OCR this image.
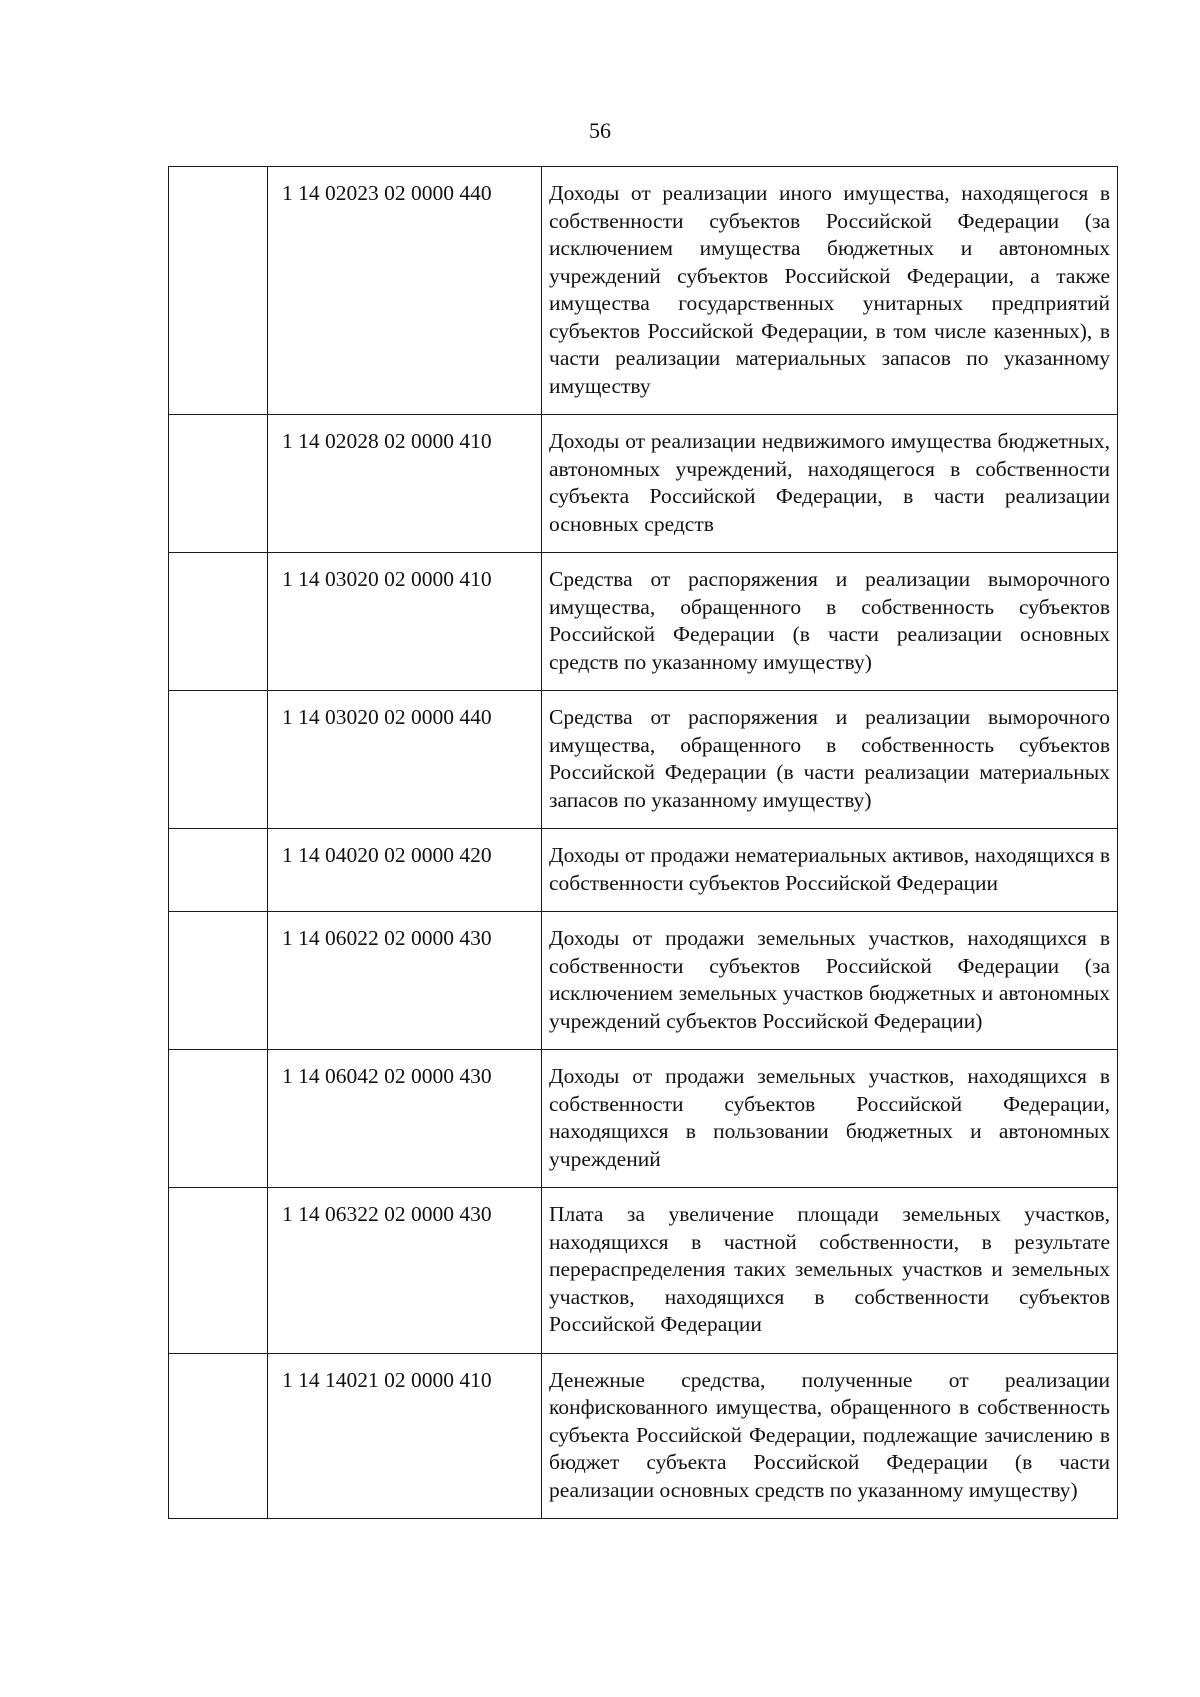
56
	1 14 02023 02 0000 440	Доходы от реализации иного имущества, находящегося в собственности субъектов Российской Федерации (за исключением имущества бюджетных и автономных учреждений субъектов Российской Федерации, а также имущества государственных унитарных предприятий субъектов Российской Федерации, в том числе казенных), в части реализации материальных запасов по указанному имуществу
	1 14 02028 02 0000 410	Доходы от реализации недвижимого имущества бюджетных, автономных учреждений, находящегося в собственности субъекта Российской Федерации, в части реализации основных средств
	1 14 03020 02 0000 410	Средства от распоряжения и реализации выморочного имущества, обращенного в собственность субъектов Российской Федерации (в части реализации основных средств по указанному имуществу)
	1 14 03020 02 0000 440	Средства от распоряжения и реализации выморочного имущества, обращенного в собственность субъектов Российской Федерации (в части реализации материальных запасов по указанному имуществу)
	1 14 04020 02 0000 420	Доходы от продажи нематериальных активов, находящихся в собственности субъектов Российской Федерации
	1 14 06022 02 0000 430	Доходы от продажи земельных участков, находящихся в собственности субъектов Российской Федерации (за исключением земельных участков бюджетных и автономных учреждений субъектов Российской Федерации)
	1 14 06042 02 0000 430	Доходы от продажи земельных участков, находящихся в собственности субъектов Российской Федерации, находящихся в пользовании бюджетных и автономных учреждений
	1 14 06322 02 0000 430	Плата за увеличение площади земельных участков, находящихся в частной собственности, в результате перераспределения таких земельных участков и земельных участков, находящихся в собственности субъектов Российской Федерации
	1 14 14021 02 0000 410	Денежные средства, полученные от реализации конфискованного имущества, обращенного в собственность субъекта Российской Федерации, подлежащие зачислению в бюджет субъекта Российской Федерации (в части реализации основных средств по указанному имуществу)
